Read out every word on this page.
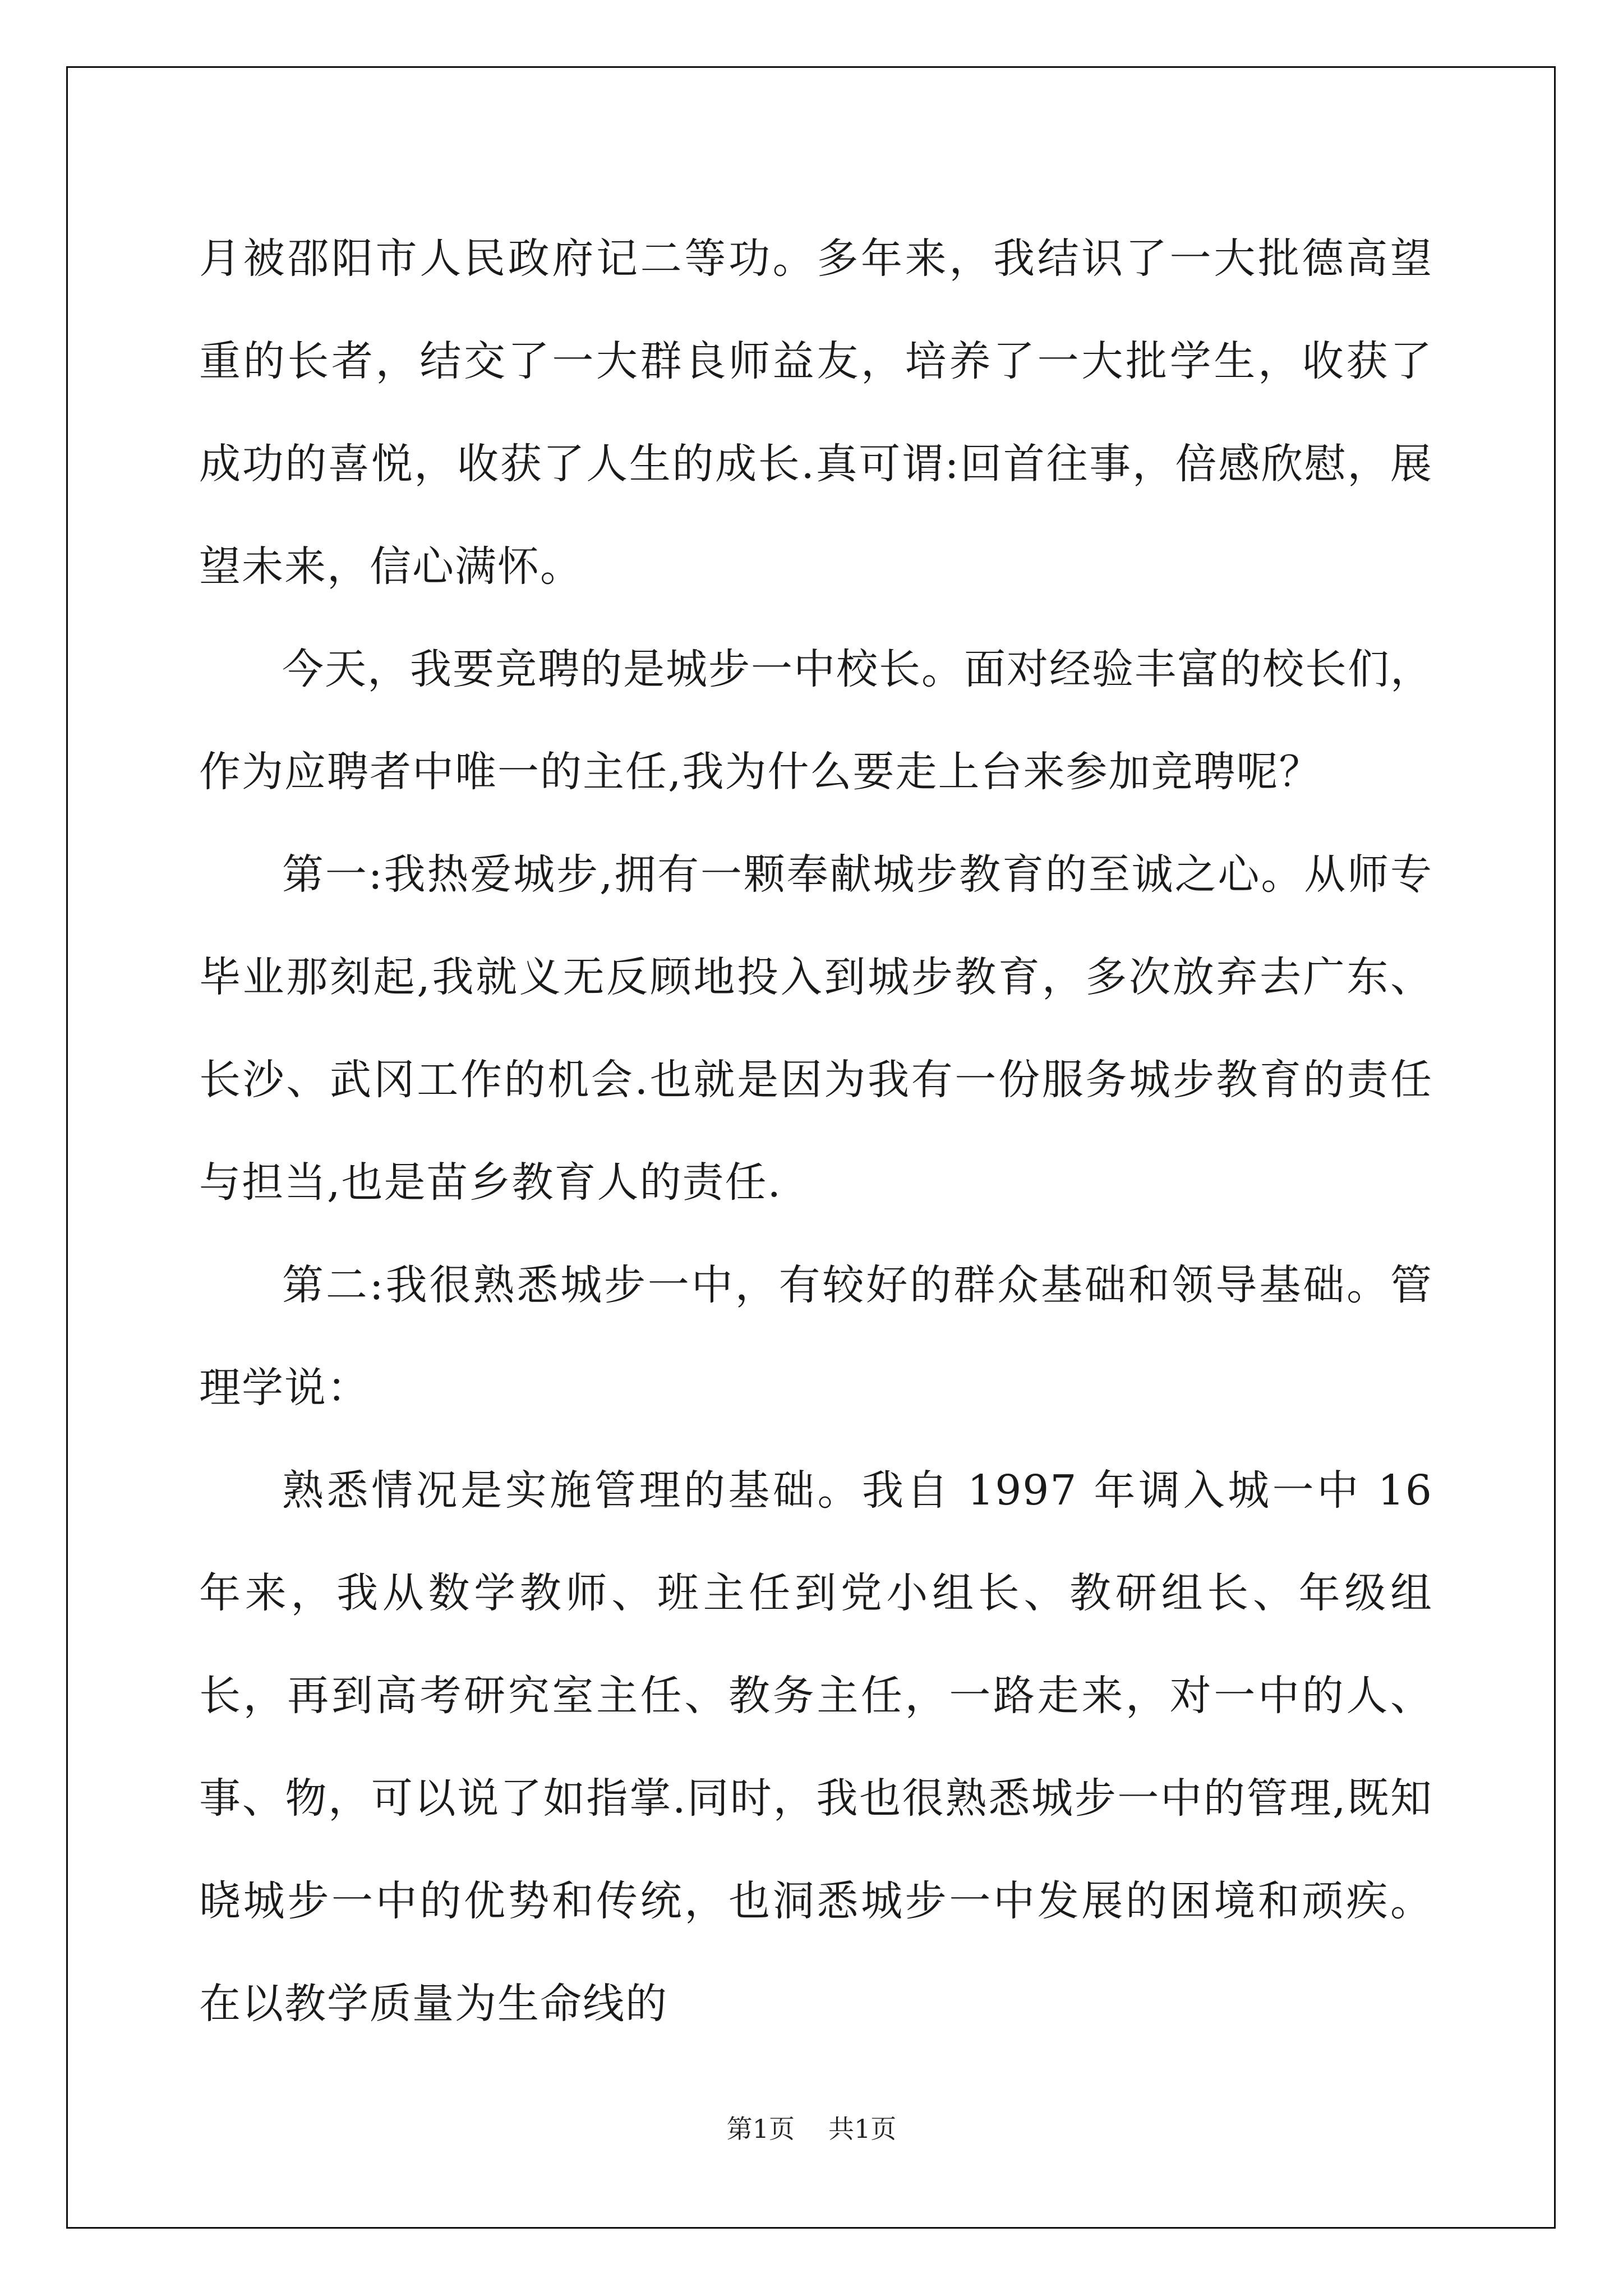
月被邵阳市人民政府记二等功。多年来，我结识了一大批德高望重的长者，结交了一大群良师益友，培养了一大批学生，收获了成功的喜悦，收获了人生的成长.真可谓:回首往事，倍感欣慰，展望未来，信心满怀。

今天，我要竞聘的是城步一中校长。面对经验丰富的校长们，作为应聘者中唯一的主任,我为什么要走上台来参加竞聘呢？

第一:我热爱城步,拥有一颗奉献城步教育的至诚之心。从师专毕业那刻起,我就义无反顾地投入到城步教育，多次放弃去广东、长沙、武冈工作的机会.也就是因为我有一份服务城步教育的责任与担当,也是苗乡教育人的责任.

第二:我很熟悉城步一中，有较好的群众基础和领导基础。管理学说：

熟悉情况是实施管理的基础。我自 1997 年调入城一中 16 年来，我从数学教师、班主任到党小组长、教研组长、年级组长，再到高考研究室主任、教务主任，一路走来，对一中的人、事、物，可以说了如指掌.同时，我也很熟悉城步一中的管理,既知晓城步一中的优势和传统，也洞悉城步一中发展的困境和顽疾。在以教学质量为生命线的

第1页 共1页
